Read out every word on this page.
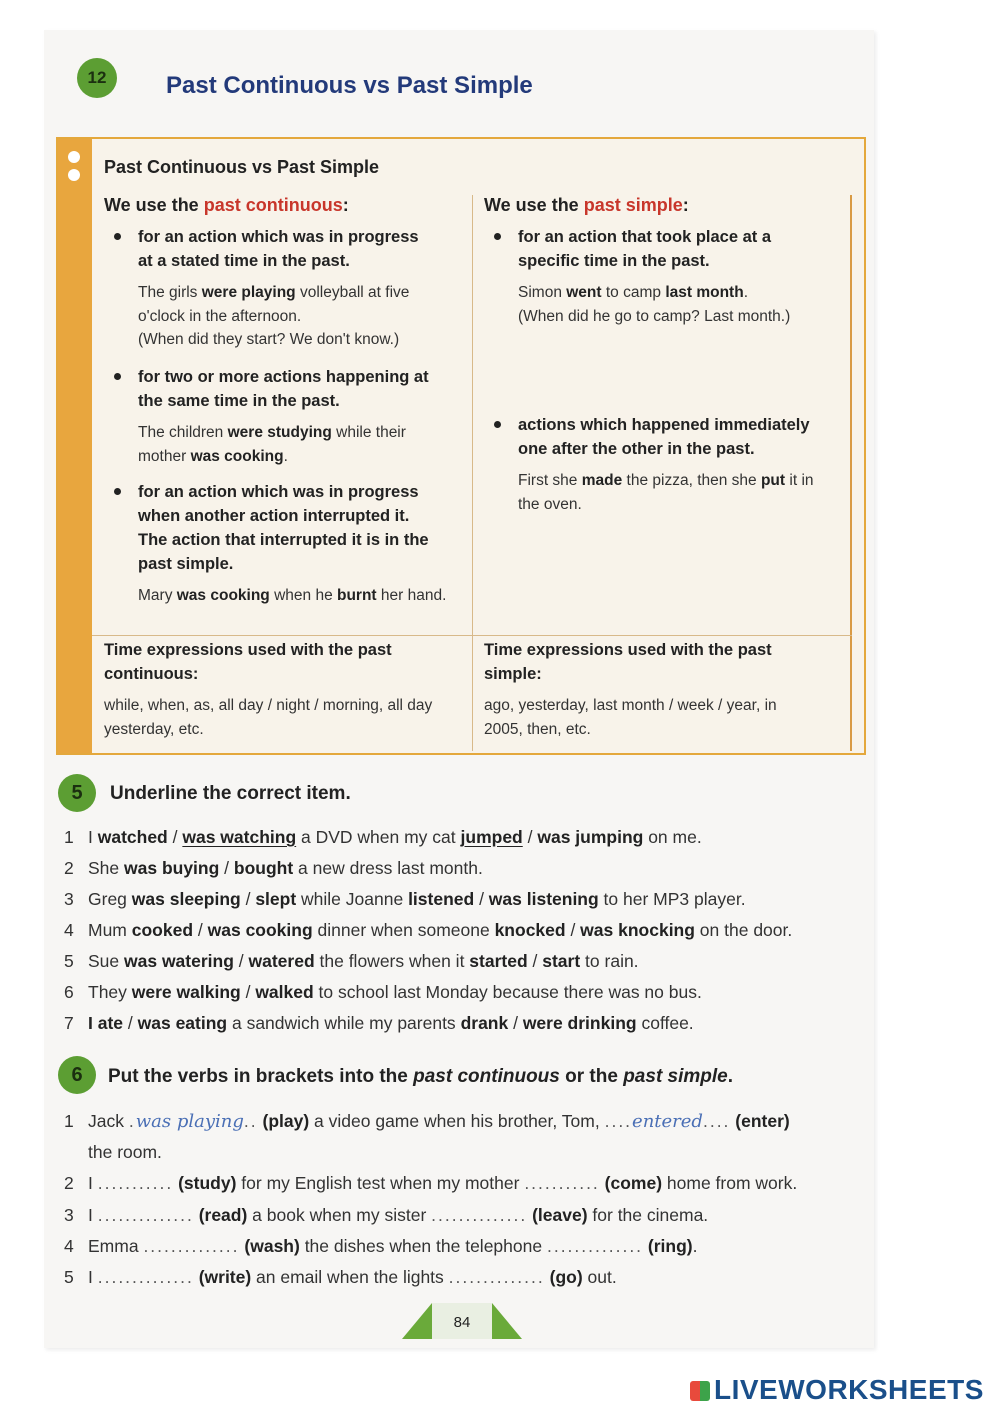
12	Past Continuous vs Past Simple
Past Continuous vs Past Simple
We use the past continuous:	We use the past simple:
for an action which was in progress
at a stated time in the past.
The girls were playing volleyball at five
o'clock in the afternoon.
(When did they start? We don't know.)
for two or more actions happening at
the same time in the past.
The children were studying while their
mother was cooking.
for an action which was in progress
when another action interrupted it.
The action that interrupted it is in the
past simple.
Mary was cooking when he burnt her hand.
for an action that took place at a
specific time in the past.
Simon went to camp last month.
(When did he go to camp? Last month.)
actions which happened immediately
one after the other in the past.
First she made the pizza, then she put it in
the oven.
Time expressions used with the past
continuous:
while, when, as, all day / night / morning, all day
yesterday, etc.
Time expressions used with the past
simple:
ago, yesterday, last month / week / year, in
2005, then, etc.
5	Underline the correct item.
1 I watched / was watching a DVD when my cat jumped / was jumping on me.
2 She was buying / bought a new dress last month.
3 Greg was sleeping / slept while Joanne listened / was listening to her MP3 player.
4 Mum cooked / was cooking dinner when someone knocked / was knocking on the door.
5 Sue was watering / watered the flowers when it started / start to rain.
6 They were walking / walked to school last Monday because there was no bus.
7 I ate / was eating a sandwich while my parents drank / were drinking coffee.
6	Put the verbs in brackets into the past continuous or the past simple.
1 Jack .was playing.. (play) a video game when his brother, Tom, ....entered.... (enter)
the room.
2 I ........... (study) for my English test when my mother ........... (come) home from work.
3 I .............. (read) a book when my sister .............. (leave) for the cinema.
4 Emma .............. (wash) the dishes when the telephone .............. (ring).
5 I .............. (write) an email when the lights .............. (go) out.
84
LIVEWORKSHEETS
